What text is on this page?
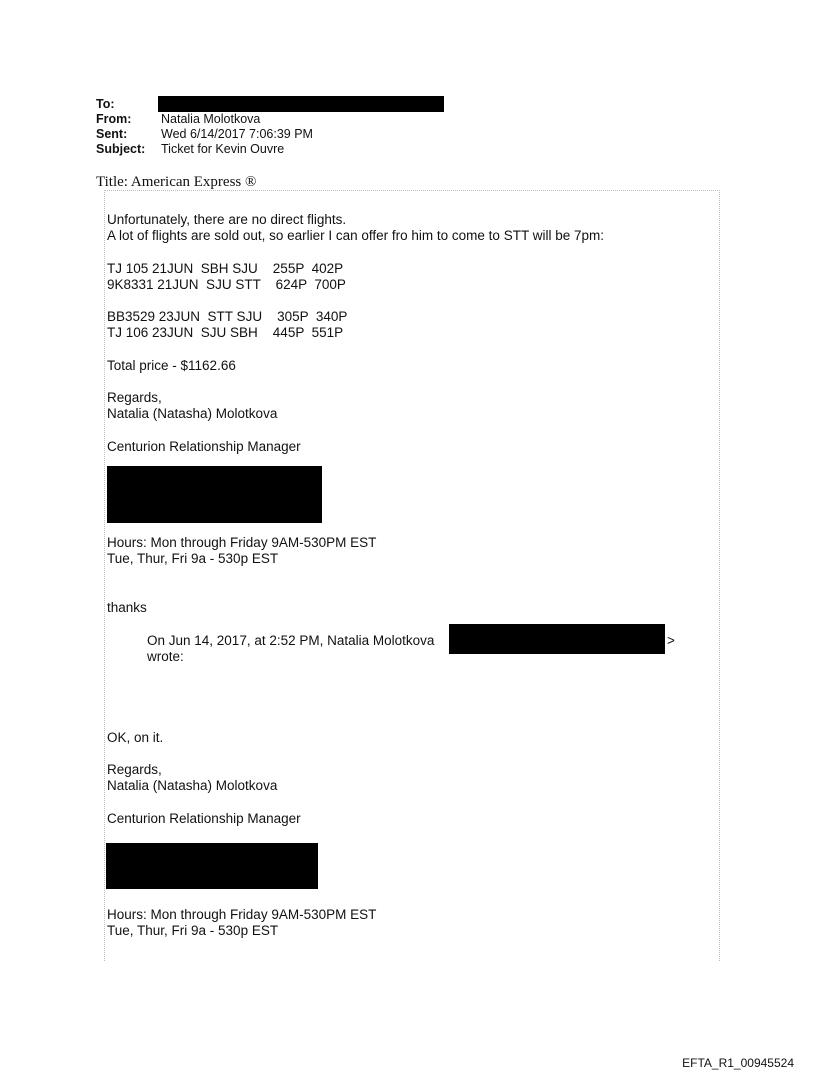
To:
From: Natalia Molotkova
Sent:	Wed 6/14/2017 7:06:39 PM
Subject: Ticket for Kevin Ouvre
Title: American Express ®
Unfortunately, there are no direct flights.
A lot of flights are sold out, so earlier I can offer fro him to come to STT will be 7pm:
TJ 105 21JUN  SBH SJU    255P  402P
9K8331 21JUN  SJU STT    624P  700P
BB3529 23JUN  STT SJU    305P  340P
TJ 106 23JUN  SJU SBH    445P  551P
Total price - $1162.66
Regards,
Natalia (Natasha) Molotkova
Centurion Relationship Manager
Hours: Mon through Friday 9AM-530PM EST
Tue, Thur, Fri 9a - 530p EST
thanks
On Jun 14, 2017, at 2:52 PM, Natalia Molotkova	>
wrote:
OK, on it.
Regards,
Natalia (Natasha) Molotkova
Centurion Relationship Manager
Hours: Mon through Friday 9AM-530PM EST
Tue, Thur, Fri 9a - 530p EST
EFTA_R1_00945524
